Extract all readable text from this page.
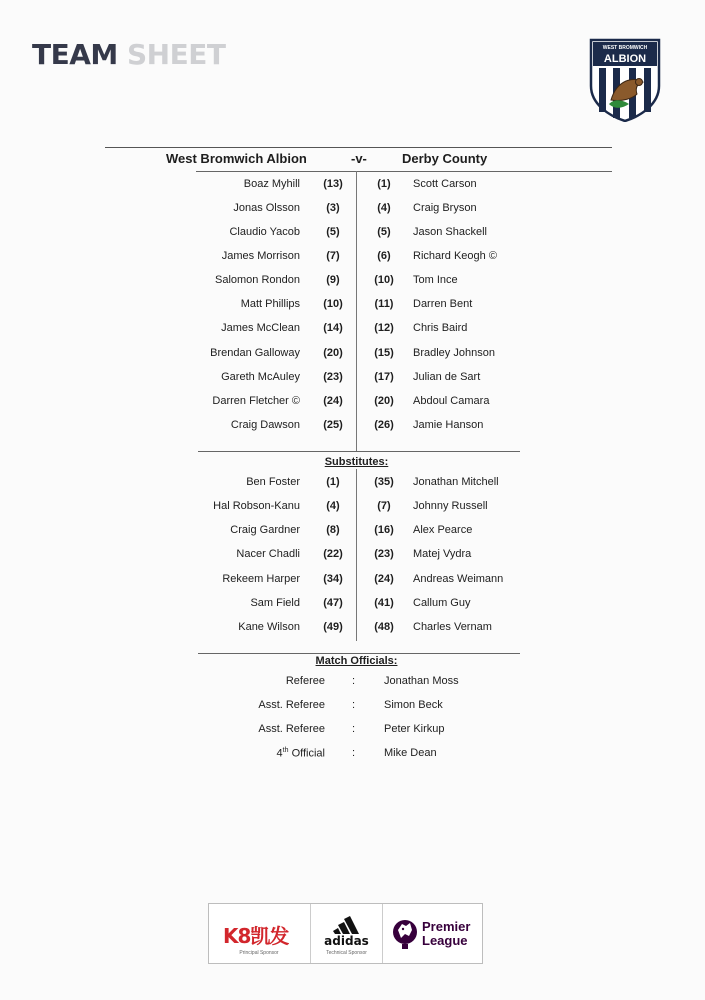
TEAM SHEET	WEST BROMWICH
ALBION
West Bromwich Albion	-v-	Derby County
Boaz Myhill	(13)	(1)	Scott Carson
Jonas Olsson	(3)	(4)	Craig Bryson
Claudio Yacob	(5)	(5)	Jason Shackell
James Morrison	(7)	(6)	Richard Keogh ©
Salomon Rondon	(9)	(10)	Tom Ince
Matt Phillips	(10)	(11)	Darren Bent
James McClean	(14)	(12)	Chris Baird
Brendan Galloway	(20)	(15)	Bradley Johnson
Gareth McAuley	(23)	(17)	Julian de Sart
Darren Fletcher ©	(24)	(20)	Abdoul Camara
Craig Dawson	(25)	(26)	Jamie Hanson
Substitutes:
Ben Foster	(1)	(35)	Jonathan Mitchell
Hal Robson-Kanu	(4)	(7)	Johnny Russell
Craig Gardner	(8)	(16)	Alex Pearce
Nacer Chadli	(22)	(23)	Matej Vydra
Rekeem Harper	(34)	(24)	Andreas Weimann
Sam Field	(47)	(41)	Callum Guy
Kane Wilson	(49)	(48)	Charles Vernam
Match Officials:
Referee :	Jonathan Moss
Asst. Referee :	Simon Beck
Asst. Referee :	Peter Kirkup
4th Official :	Mike Dean
K8凯发
Principal Sponsor
adidas
Technical Sponsor
Premier
League
